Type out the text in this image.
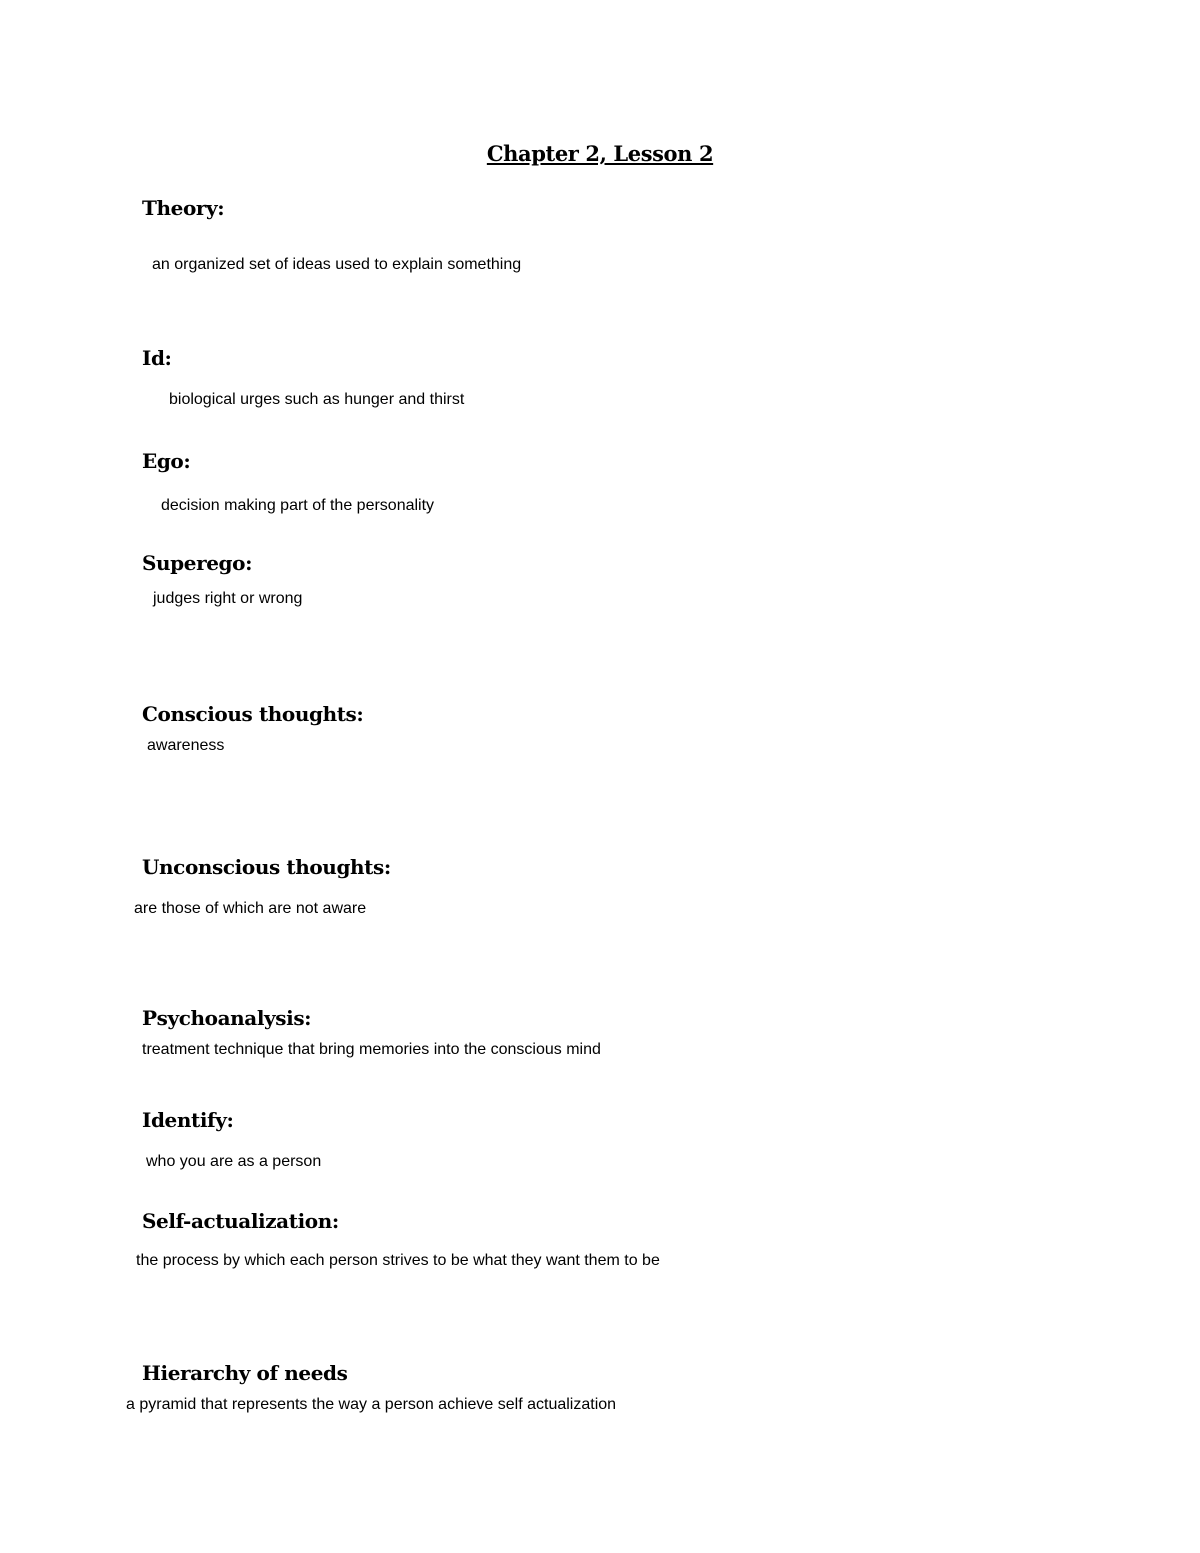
Chapter 2, Lesson 2
Theory:
an organized set of ideas used to explain something
Id:
biological urges such as hunger and thirst
Ego:
decision making part of the personality
Superego:
judges right or wrong
Conscious thoughts:
awareness
Unconscious thoughts:
are those of which are not aware
Psychoanalysis:
treatment technique that bring memories into the conscious mind
Identify:
who you are as a person
Self-actualization:
the process by which each person strives to be what they want them to be
Hierarchy of needs
a pyramid that represents the way a person achieve self actualization
